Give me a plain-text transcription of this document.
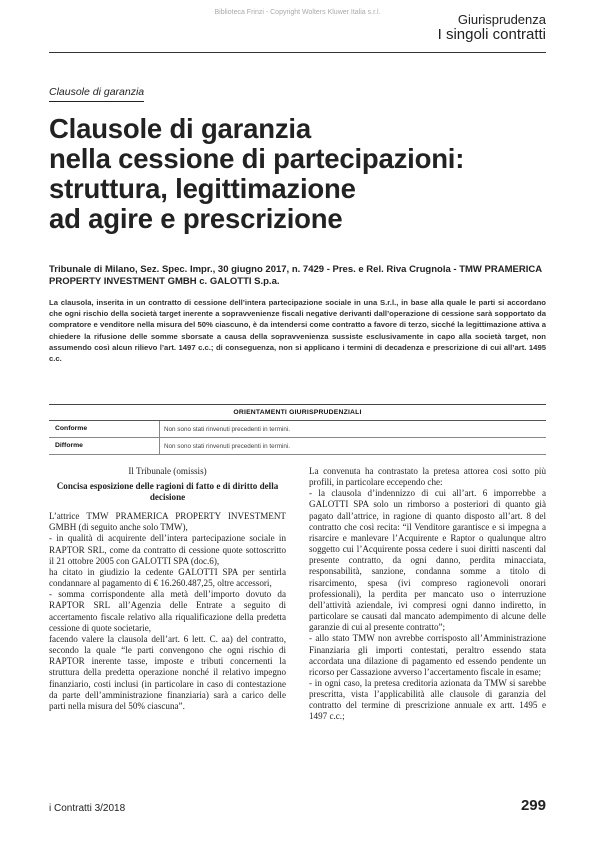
Biblioteca Frinzi - Copyright Wolters Kluwer Italia s.r.l.	Giurisprudenza
I singoli contratti
Clausole di garanzia
Clausole di garanzia
nella cessione di partecipazioni:
struttura, legittimazione
ad agire e prescrizione
Tribunale di Milano, Sez. Spec. Impr., 30 giugno 2017, n. 7429 - Pres. e Rel. Riva Crugnola - TMW PRAMERICA PROPERTY INVESTMENT GMBH c. GALOTTI S.p.a.
La clausola, inserita in un contratto di cessione dell’intera partecipazione sociale in una S.r.l., in base alla quale le parti si accordano che ogni rischio della società target inerente a sopravvenienze fiscali negative derivanti dall’operazione di cessione sarà sopportato da compratore e venditore nella misura del 50% ciascuno, è da intendersi come contratto a favore di terzo, sicché la legittimazione attiva a chiedere la rifusione delle somme sborsate a causa della sopravvenienza sussiste esclusivamente in capo alla società target, non assumendo così alcun rilievo l’art. 1497 c.c.; di conseguenza, non si applicano i termini di decadenza e prescrizione di cui all’art. 1495 c.c.
ORIENTAMENTI GIURISPRUDENZIALI
Conforme	Non sono stati rinvenuti precedenti in termini.
Difforme	Non sono stati rinvenuti precedenti in termini.

Il Tribunale (omissis)

Concisa esposizione delle ragioni di fatto e di diritto della decisione

L’attrice TMW PRAMERICA PROPERTY INVESTMENT GMBH (di seguito anche solo TMW),

- in qualità di acquirente dell’intera partecipazione sociale in RAPTOR SRL, come da contratto di cessione quote sottoscritto il 21 ottobre 2005 con GALOTTI SPA (doc.6),

ha citato in giudizio la cedente GALOTTI SPA per sentirla condannare al pagamento di € 16.260.487,25, oltre accessori,

- somma corrispondente alla metà dell’importo dovuto da RAPTOR SRL all’Agenzia delle Entrate a seguito di accertamento fiscale relativo alla riqualificazione della predetta cessione di quote societarie,

facendo valere la clausola dell’art. 6 lett. C. aa) del contratto, secondo la quale “le parti convengono che ogni rischio di RAPTOR inerente tasse, imposte e tributi concernenti la struttura della predetta operazione nonché il relativo impegno finanziario, costi inclusi (in particolare in caso di contestazione da parte dell’amministrazione finanziaria) sarà a carico delle parti nella misura del 50% ciascuna”.

La convenuta ha contrastato la pretesa attorea cosi sotto più profili, in particolare eccependo che:

- la clausola d’indennizzo di cui all’art. 6 imporrebbe a GALOTTI SPA solo un rimborso a posteriori di quanto già pagato dall’attrice, in ragione di quanto disposto all’art. 8 del contratto che così recita: “il Venditore garantisce e si impegna a risarcire e manlevare l’Acquirente e Raptor o qualunque altro soggetto cui l’Acquirente possa cedere i suoi diritti nascenti dal presente contratto, da ogni danno, perdita minacciata, responsabilità, sanzione, condanna somme a titolo di risarcimento, spesa (ivi compreso ragionevoli onorari professionali), la perdita per mancato uso o interruzione dell’attività aziendale, ivi compresi ogni danno indiretto, in particolare se causati dal mancato adempimento di alcune delle garanzie di cui al presente contratto”;

- allo stato TMW non avrebbe corrisposto all’Amministrazione Finanziaria gli importi contestati, peraltro essendo stata accordata una dilazione di pagamento ed essendo pendente un ricorso per Cassazione avverso l’accertamento fiscale in esame;

- in ogni caso, la pretesa creditoria azionata da TMW si sarebbe prescritta, vista l’applicabilità alle clausole di garanzia del contratto del termine di prescrizione annuale ex artt. 1495 e 1497 c.c.;

i Contratti 3/2018	299
